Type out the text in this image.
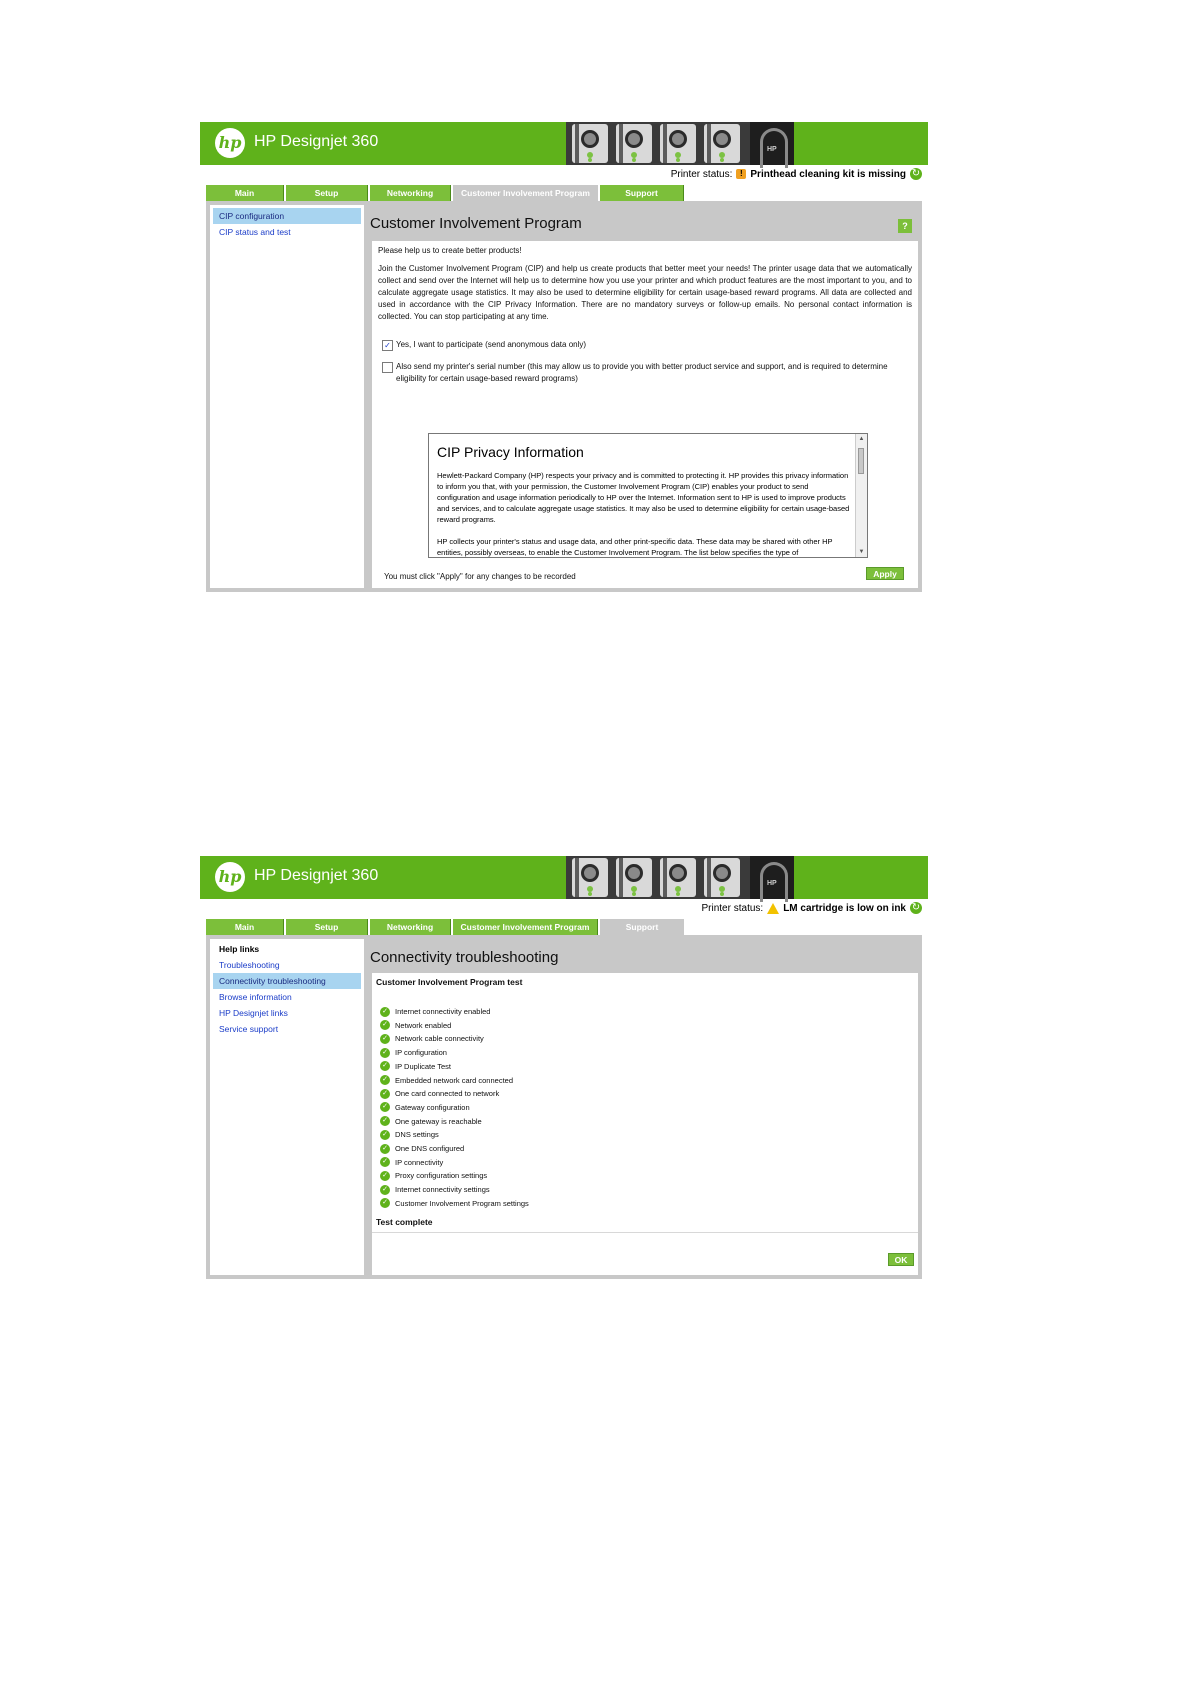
hp HP Designjet 360	HP
Printer status: ! Printhead cleaning kit is missing ↻
Main	Setup	Networking	Customer Involvement Program	Support
CIP configuration
CIP status and test	Customer Involvement Program	?
Please help us to create better products!
Join the Customer Involvement Program (CIP) and help us create products that better meet your needs! The printer usage data that we automatically collect and send over the Internet will help us to determine how you use your printer and which product features are the most important to you, and to calculate aggregate usage statistics. It may also be used to determine eligibility for certain usage-based reward programs. All data are collected and used in accordance with the CIP Privacy Information. There are no mandatory surveys or follow-up emails. No personal contact information is collected. You can stop participating at any time.
✓ Yes, I want to participate (send anonymous data only)
Also send my printer's serial number (this may allow us to provide you with better product service and support, and is required to determine eligibility for certain usage-based reward programs)
CIP Privacy Information
Hewlett-Packard Company (HP) respects your privacy and is committed to protecting it. HP provides this privacy information to inform you that, with your permission, the Customer Involvement Program (CIP) enables your product to send configuration and usage information periodically to HP over the Internet. Information sent to HP is used to improve products and services, and to calculate aggregate usage statistics. It may also be used to determine eligibility for certain usage-based reward programs.
HP collects your printer's status and usage data, and other print-specific data. These data may be shared with other HP entities, possibly overseas, to enable the Customer Involvement Program. The list below specifies the type of
▲
▼
You must click "Apply" for any changes to be recorded	Apply
hp HP Designjet 360	HP
Printer status: LM cartridge is low on ink ↻
Main	Setup	Networking	Customer Involvement Program	Support
Help links
Troubleshooting
Connectivity troubleshooting
Browse information
HP Designjet links
Service support
Connectivity troubleshooting
Customer Involvement Program test
✓ Internet connectivity enabled
✓ Network enabled
✓ Network cable connectivity
✓ IP configuration
✓ IP Duplicate Test
✓ Embedded network card connected
✓ One card connected to network
✓ Gateway configuration
✓ One gateway is reachable
✓ DNS settings
✓ One DNS configured
✓ IP connectivity
✓ Proxy configuration settings
✓ Internet connectivity settings
✓ Customer Involvement Program settings
Test complete
OK
